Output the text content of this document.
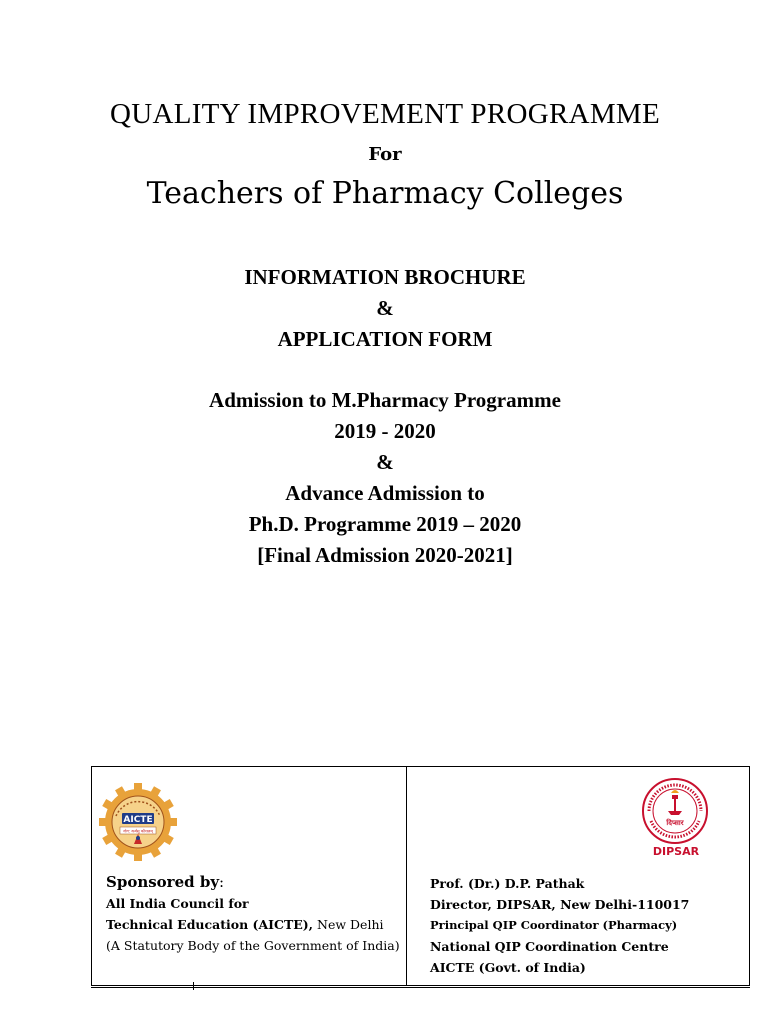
QUALITY IMPROVEMENT PROGRAMME
For
Teachers of Pharmacy Colleges
INFORMATION BROCHURE
&
APPLICATION FORM
Admission to M.Pharmacy Programme
2019 - 2020
&
Advance Admission to
Ph.D. Programme 2019 – 2020
[Final Admission 2020-2021]
AICTE
योग: कर्मसु कौशलम्
दिप्सार
DIPSAR
Sponsored by:
All India Council for
Technical Education (AICTE), New Delhi
(A Statutory Body of the Government of India)
Prof. (Dr.) D.P. Pathak
Director, DIPSAR, New Delhi-110017
Principal QIP Coordinator (Pharmacy)
National QIP Coordination Centre
AICTE (Govt. of India)
